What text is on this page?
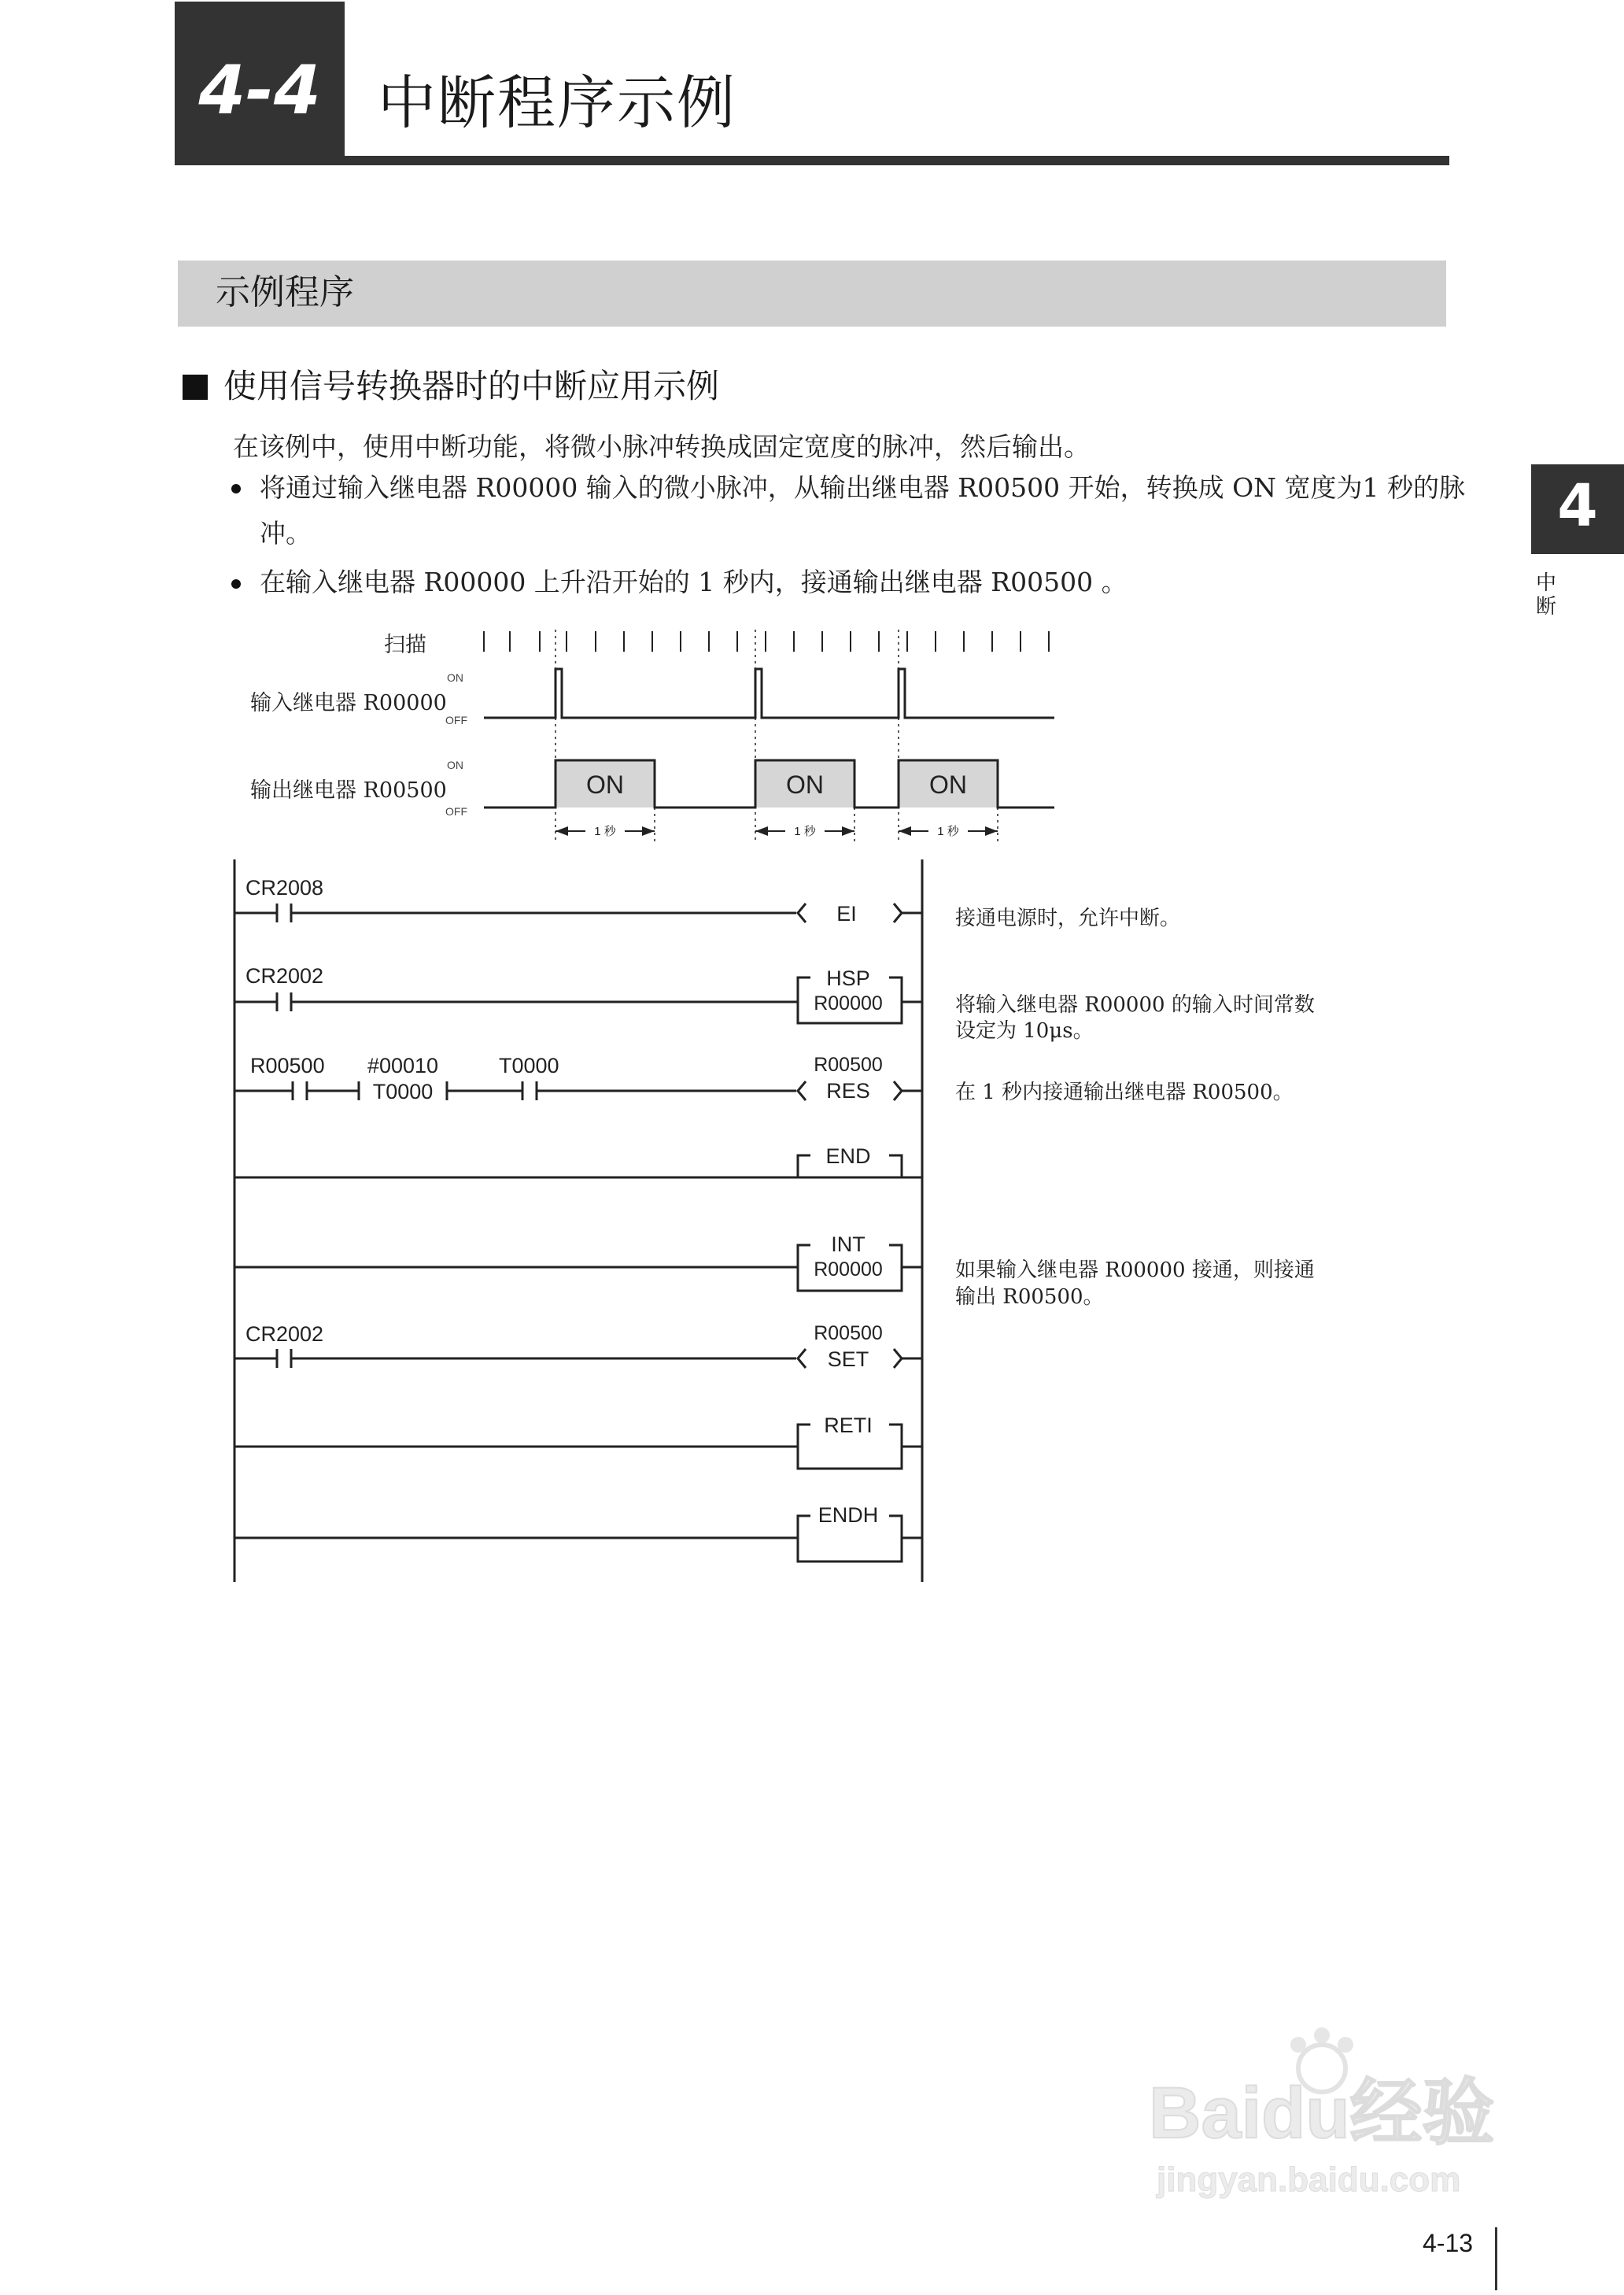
4-4 中断程序示例
示例程序
使用信号转换器时的中断应用示例
在该例中，使用中断功能，将微小脉冲转换成固定宽度的脉冲，然后输出。
将通过输入继电器 R00000 输入的微小脉冲，从输出继电器 R00500 开始，转换成 ON 宽度为1 秒的脉
冲。
在输入继电器 R00000 上升沿开始的 1 秒内，接通输出继电器 R00500 。
4
中断
扫描
输入继电器 R00000
ON
OFF
输出继电器 R00500
ON
OFF
ON	ON	ON
1 秒	1 秒	1 秒
CR2008
EI
CR2002	HSP
R00000
R00500 #00010
T0000
T0000	R00500
RES
END
INT
R00000
CR2002	R00500
SET
RETI
ENDH
接通电源时，允许中断。
将输入继电器 R00000 的输入时间常数
设定为 10μs。
在 1 秒内接通输出继电器 R00500。
如果输入继电器 R00000 接通，则接通
输出 R00500。
Baidu经验
jingyan.baidu.com
4-13
